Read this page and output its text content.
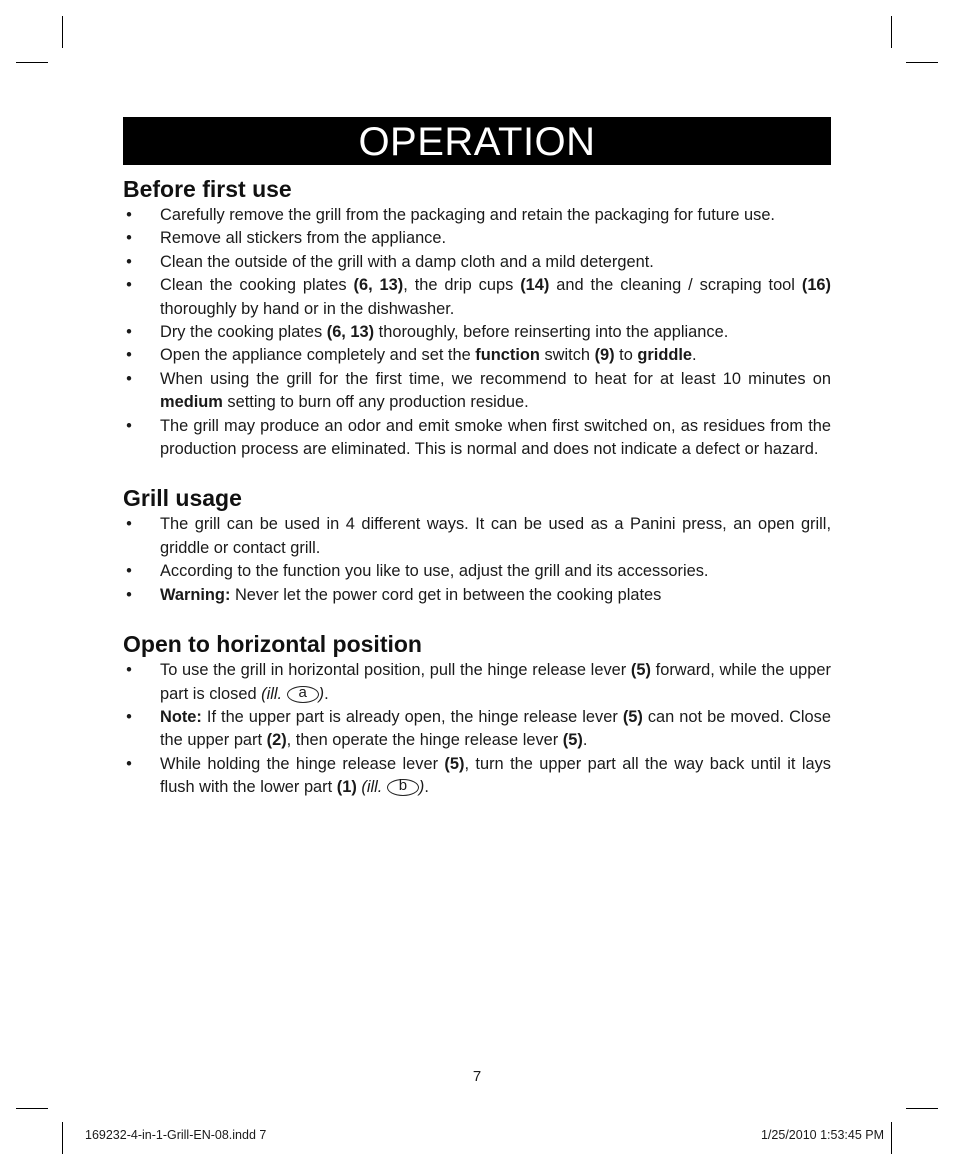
OPERATION
Before first use
• Carefully remove the grill from the packaging and retain the packaging for future use.
• Remove all stickers from the appliance.
• Clean the outside of the grill with a damp cloth and a mild detergent.
• Clean the cooking plates (6, 13), the drip cups (14) and the cleaning / scraping tool (16) thoroughly by hand or in the dishwasher.
• Dry the cooking plates (6, 13) thoroughly, before reinserting into the appliance.
• Open the appliance completely and set the function switch (9) to griddle.
• When using the grill for the first time, we recommend to heat for at least 10 minutes on medium setting to burn off any production residue.
• The grill may produce an odor and emit smoke when first switched on, as residues from the production process are eliminated. This is normal and does not indicate a defect or hazard.
Grill usage
• The grill can be used in 4 different ways. It can be used as a Panini press, an open grill, griddle or contact grill.
• According to the function you like to use, adjust the grill and its accessories.
• Warning: Never let the power cord get in between the cooking plates
Open to horizontal position
• To use the grill in horizontal position, pull the hinge release lever (5) forward, while the upper part is closed (ill. a ).
• Note: If the upper part is already open, the hinge release lever (5) can not be moved. Close the upper part (2), then operate the hinge release lever (5).
• While holding the hinge release lever (5), turn the upper part all the way back until it lays flush with the lower part (1) (ill. b ).
7
169232-4-in-1-Grill-EN-08.indd 7	1/25/2010 1:53:45 PM
